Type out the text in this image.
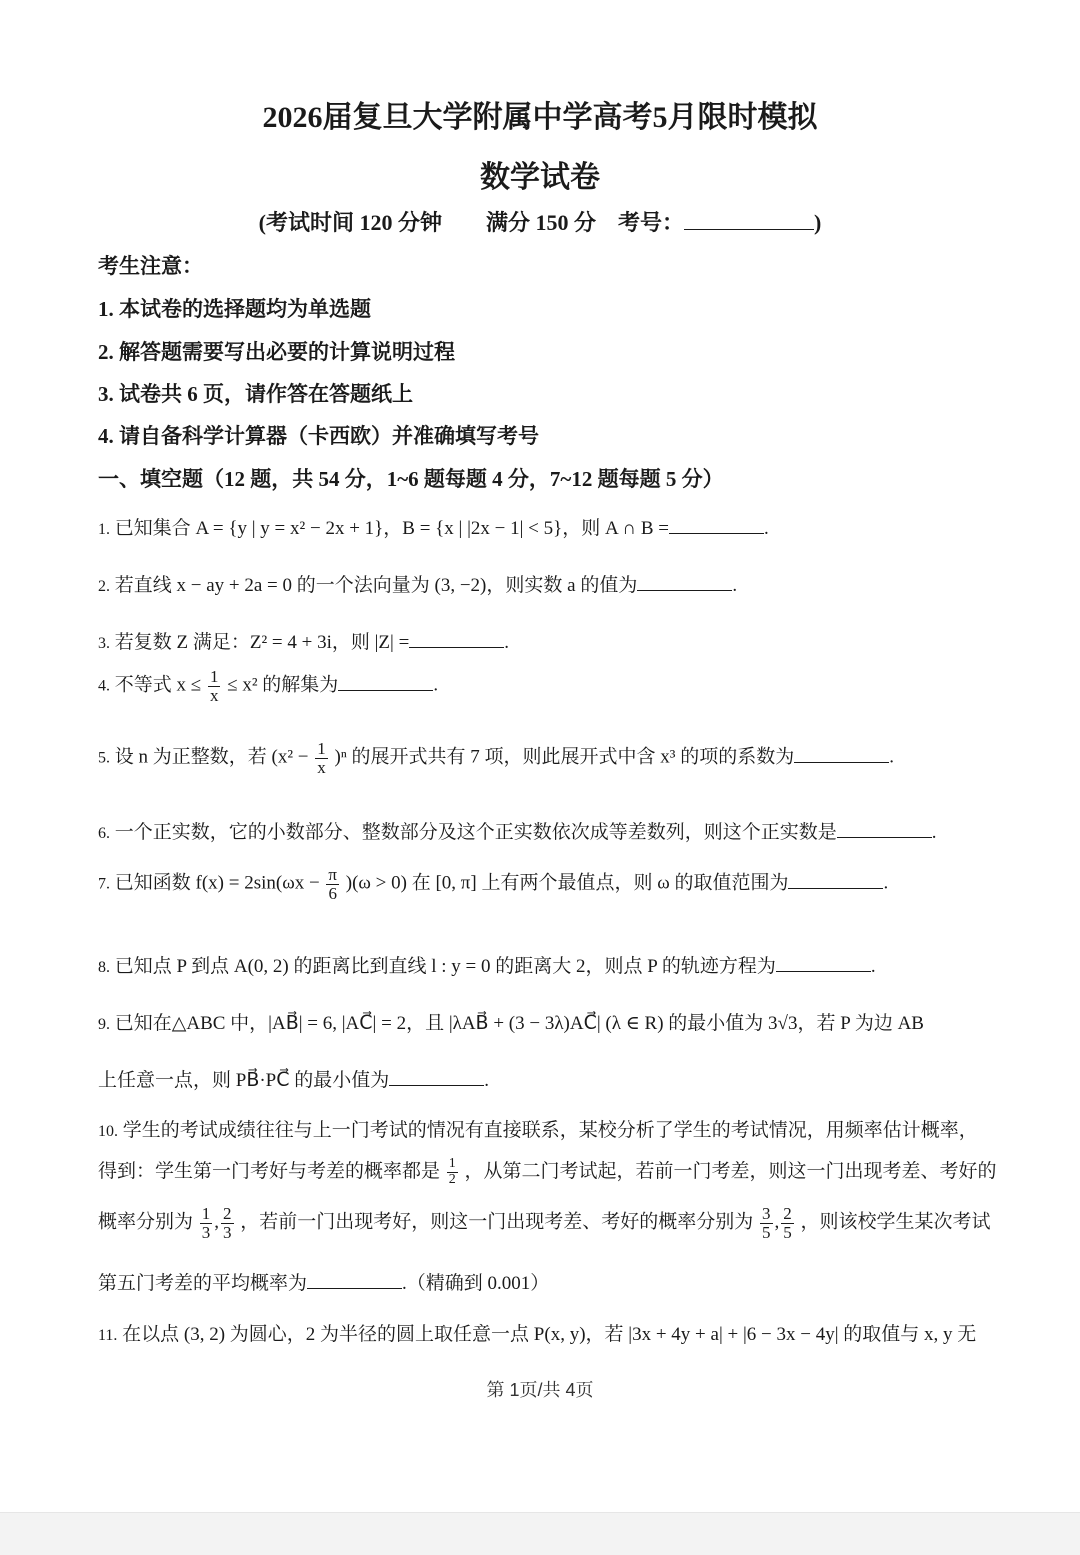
2026届复旦大学附属中学高考5月限时模拟
数学试卷
(考试时间 120 分钟　　满分 150 分　考号：	)
考生注意：
1. 本试卷的选择题均为单选题
2. 解答题需要写出必要的计算说明过程
3. 试卷共 6 页，请作答在答题纸上
4. 请自备科学计算器（卡西欧）并准确填写考号
一、填空题（12 题，共 54 分，1~6 题每题 4 分，7~12 题每题 5 分）
1. 已知集合 A = {y | y = x² − 2x + 1}，B = {x | |2x − 1| < 5}，则 A ∩ B =	.
2. 若直线 x − ay + 2a = 0 的一个法向量为 (3, −2)，则实数 a 的值为	.
3. 若复数 Z 满足：Z² = 4 + 3i，则 |Z| =	.
4. 不等式 $x \le \frac{1}{x} \le x^2$ 的解集为	.
5. 设 n 为正整数，若 $(x^2 - \frac{1}{x} )^n$ 的展开式共有 7 项，则此展开式中含 x³ 的项的系数为	.
6. 一个正实数，它的小数部分、整数部分及这个正实数依次成等差数列，则这个正实数是	.
7. 已知函数 $f(x) = 2\sin(\omega x - \frac{\pi}{6} )(\omega > 0)$ 在 [0, π] 上有两个最值点，则 ω 的取值范围为	.
8. 已知点 P 到点 A(0, 2) 的距离比到直线 l : y = 0 的距离大 2，则点 P 的轨迹方程为	.
9. 已知在△ABC 中，|AB⃗| = 6, |AC⃗| = 2，且 |λAB⃗ + (3 − 3λ)AC⃗| (λ ∈ R) 的最小值为 3√3，若 P 为边 AB
上任意一点，则 PB⃗·PC⃗ 的最小值为	.
10. 学生的考试成绩往往与上一门考试的情况有直接联系，某校分析了学生的考试情况，用频率估计概率，
得到：学生第一门考好与考差的概率都是 $\frac{1}{2}$ ，从第二门考试起，若前一门考差，则这一门出现考差、考好的
概率分别为 $\frac{1}{3}$ , $\frac{2}{3}$ ，若前一门出现考好，则这一门出现考差、考好的概率分别为 $\frac{3}{5}$ , $\frac{2}{5}$ ，则该校学生某次考试
第五门考差的平均概率为	.（精确到 0.001）
11. 在以点 (3, 2) 为圆心，2 为半径的圆上取任意一点 P(x, y)，若 |3x + 4y + a| + |6 − 3x − 4y| 的取值与 x, y 无
第 1页/共 4页
